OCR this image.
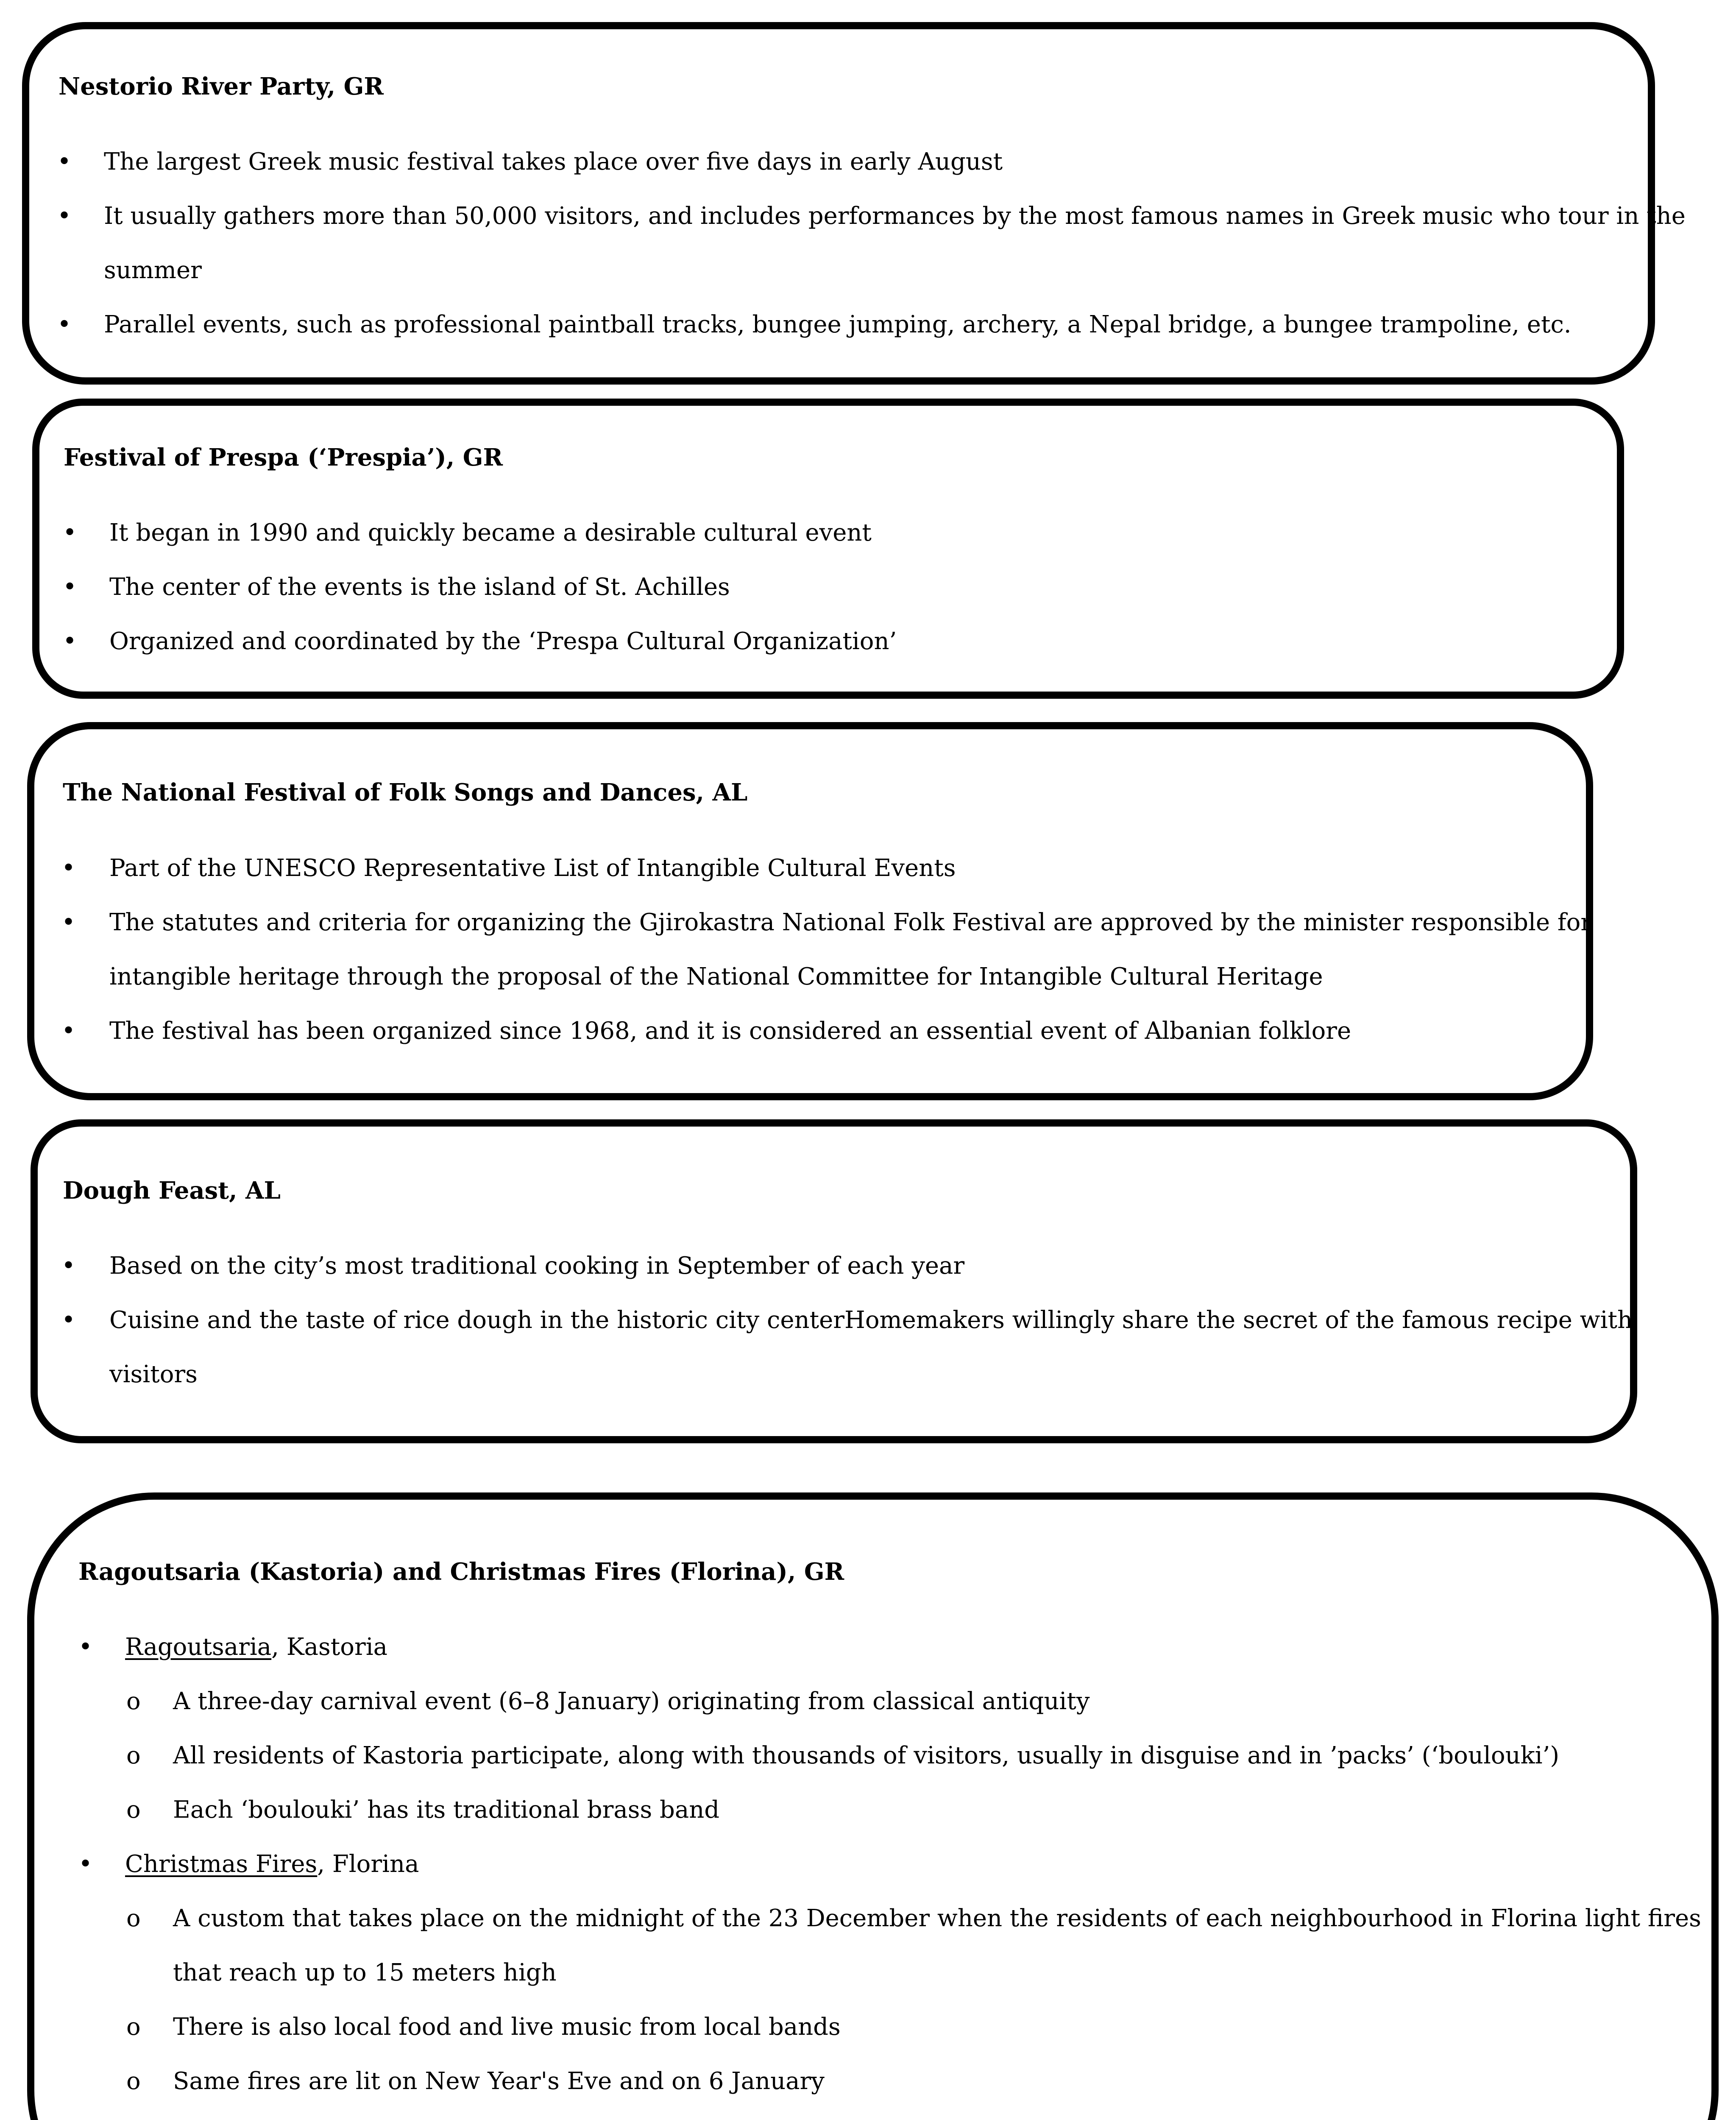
Nestorio River Party, GR
• The largest Greek music festival takes place over five days in early August
• It usually gathers more than 50,000 visitors, and includes performances by the most famous names in Greek music who tour in the
summer
• Parallel events, such as professional paintball tracks, bungee jumping, archery, a Nepal bridge, a bungee trampoline, etc.
Festival of Prespa (‘Prespia’), GR
• It began in 1990 and quickly became a desirable cultural event
• The center of the events is the island of St. Achilles
• Organized and coordinated by the ‘Prespa Cultural Organization’
The National Festival of Folk Songs and Dances, AL
• Part of the UNESCO Representative List of Intangible Cultural Events
• The statutes and criteria for organizing the Gjirokastra National Folk Festival are approved by the minister responsible for
intangible heritage through the proposal of the National Committee for Intangible Cultural Heritage
• The festival has been organized since 1968, and it is considered an essential event of Albanian folklore
Dough Feast, AL
• Based on the city’s most traditional cooking in September of each year
• Cuisine and the taste of rice dough in the historic city centerHomemakers willingly share the secret of the famous recipe with
visitors
Ragoutsaria (Kastoria) and Christmas Fires (Florina), GR
• Ragoutsaria, Kastoria
o A three-day carnival event (6–8 January) originating from classical antiquity
o All residents of Kastoria participate, along with thousands of visitors, usually in disguise and in ’packs’ (‘boulouki’)
o Each ‘boulouki’ has its traditional brass band
• Christmas Fires, Florina
o A custom that takes place on the midnight of the 23 December when the residents of each neighbourhood in Florina light fires
that reach up to 15 meters high
o There is also local food and live music from local bands
o Same fires are lit on New Year's Eve and on 6 January
